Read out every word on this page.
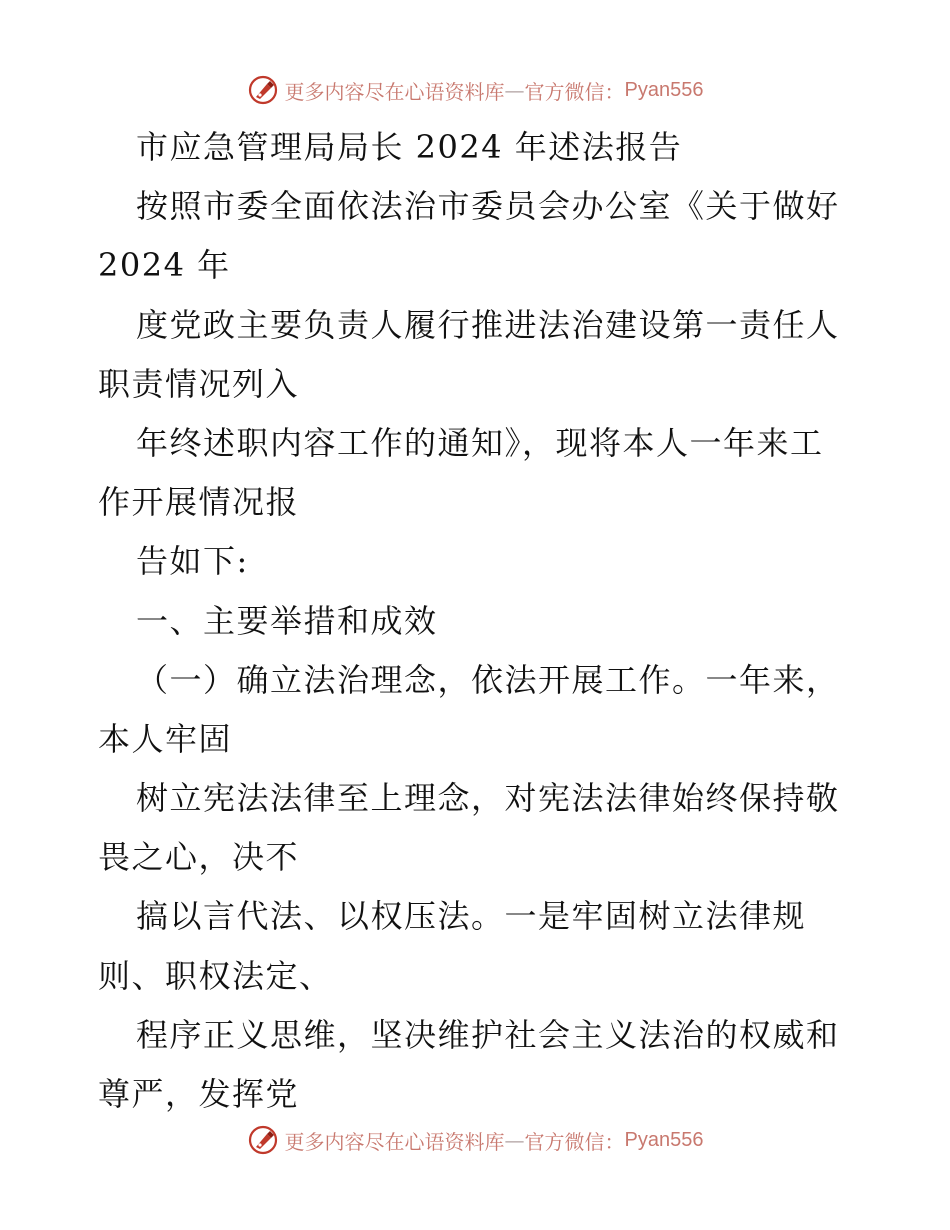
更多内容尽在心语资料库 — 官方微信： Pyan556
市应急管理局局长 2024 年述法报告
按照市委全面依法治市委员会办公室《关于做好
2024 年
度党政主要负责人履行推进法治建设第一责任人
职责情况列入
年终述职内容工作的通知》，现将本人一年来工
作开展情况报
告如下:
一、主要举措和成效
（一）确立法治理念，依法开展工作。一年来，
本人牢固
树立宪法法律至上理念，对宪法法律始终保持敬
畏之心，决不
搞以言代法、以权压法。一是牢固树立法律规
则、职权法定、
程序正义思维，坚决维护社会主义法治的权威和
尊严，发挥党
更多内容尽在心语资料库 — 官方微信： Pyan556
